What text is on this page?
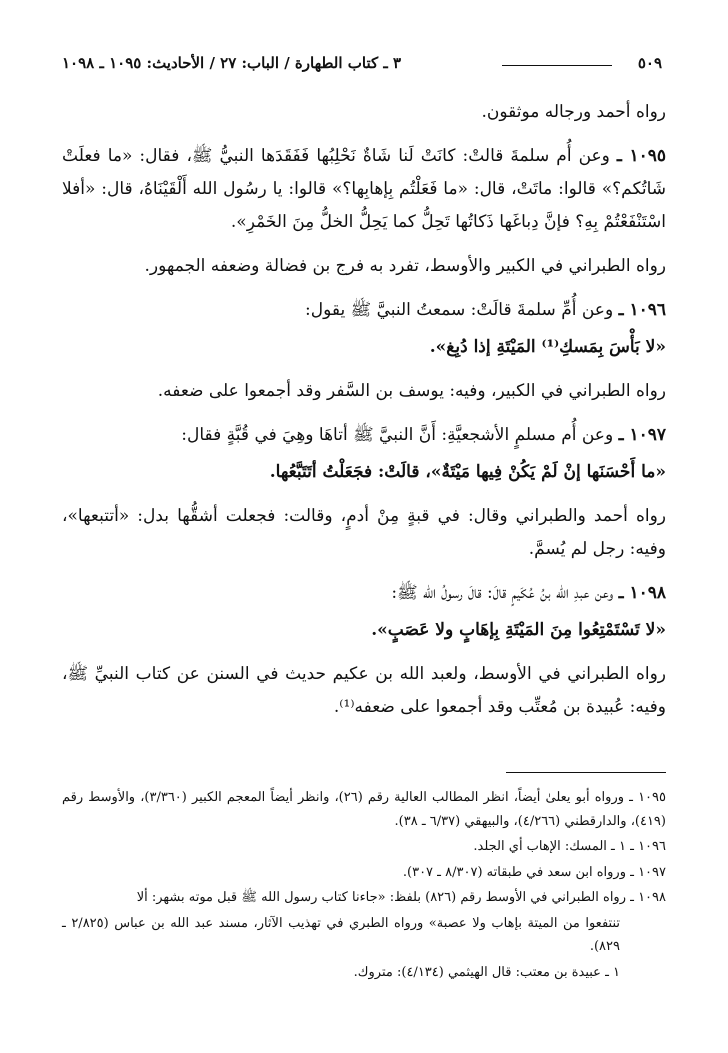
٥٠٩
٣ ـ كتاب الطهارة / الباب: ٢٧ / الأحاديث: ١٠٩٥ ـ ١٠٩٨

رواه أحمد ورجاله موثقون.

١٠٩٥ ـ وعن أُم سلمةَ قالتْ: كانَتْ لَنا شَاةٌ نَحْلِبُها فَفَقَدَها النبيُّ ﷺ، فقال: «ما فعلَتْ شَاتُكم؟» قالوا: ماتَتْ، قال: «ما فَعَلْتُم بِإهابِها؟» قالوا: يا رسُول الله أَلْقَيْنَاهُ، قال: «أفلا اسْتَنْفَعْتُمْ بِهِ؟ فإنَّ دِباغَها ذَكاتُها تَحِلُّ كما يَحِلُّ الخلُّ مِنَ الخَمْرِ».

رواه الطبراني في الكبير والأوسط، تفرد به فرج بن فضالة وضعفه الجمهور.

١٠٩٦ ـ وعن أُمِّ سلمةَ قالَتْ: سمعتُ النبيَّ ﷺ يقول:

«لا بَأْسَ بِمَسكِ⁽¹⁾ المَيْتَةِ إذا دُبِغ».

رواه الطبراني في الكبير، وفيه: يوسف بن السَّفر وقد أجمعوا على ضعفه.

١٠٩٧ ـ وعن أُم مسلمٍ الأشجعيَّةِ: أَنَّ النبيَّ ﷺ أتاهَا وهِيَ في قُبَّةٍ فقال:

«ما أَحْسَنَها إنْ لَمْ يَكُنْ فِيها مَيْتَةٌ»، قالَتْ: فجَعَلْتُ أتَتَبَّعُها.

رواه أحمد والطبراني وقال: في قبةٍ مِنْ أدمٍ، وقالت: فجعلت أشقُّها بدل: «أتتبعها»، وفيه: رجل لم يُسمَّ.

١٠٩٨ ـ وعن عبدِ الله بنُ عُكَيمٍ قالَ: قالَ رسولُ الله ﷺ:

«لا تَسْتَمْتِعُوا مِنَ المَيْتَةِ بِإهَابٍ ولا عَصَبٍ».

رواه الطبراني في الأوسط، ولعبد الله بن عكيم حديث في السنن عن كتاب النبيِّ ﷺ، وفيه: عُبيدة بن مُعتِّب وقد أجمعوا على ضعفه⁽¹⁾.

١٠٩٥ ـ ورواه أبو يعلىٰ أيضاً، انظر المطالب العالية رقم (٢٦)، وانظر أيضاً المعجم الكبير (٣/٣٦٠)، والأوسط رقم (٤١٩)، والدارقطني (٤/٢٦٦)، والبيهقي (٦/٣٧ ـ ٣٨).

١٠٩٦ ـ ١ ـ المسك: الإهاب أي الجلد.

١٠٩٧ ـ ورواه ابن سعد في طبقاته (٨/٣٠٧ ـ ٣٠٧).

١٠٩٨ ـ رواه الطبراني في الأوسط رقم (٨٢٦) بلفظ: «جاءنا كتاب رسول الله ﷺ قبل موته بشهر: ألا

تنتفعوا من الميتة بإهاب ولا عصبة» ورواه الطبري في تهذيب الآثار، مسند عبد الله بن عباس (٢/٨٢٥ ـ ٨٢٩).

١ ـ عبيدة بن معتب: قال الهيثمي (٤/١٣٤): متروك.
